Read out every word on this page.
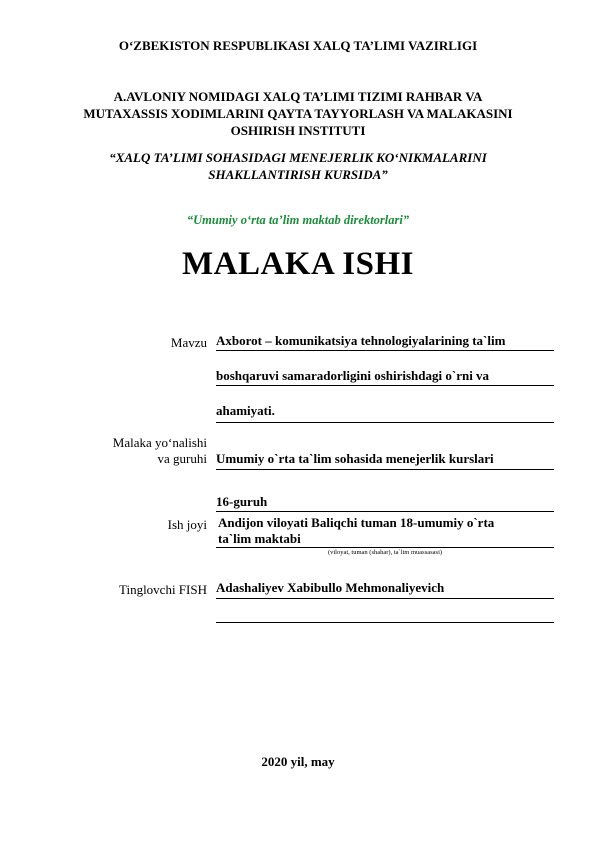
O‘ZBEKISTON RESPUBLIKASI XALQ TA’LIMI VAZIRLIGI
A.AVLONIY NOMIDAGI XALQ TA’LIMI TIZIMI RAHBAR VA
MUTAXASSIS XODIMLARINI QAYTA TAYYORLASH VA MALAKASINI
OSHIRISH INSTITUTI
“XALQ TA’LIMI SOHASIDAGI MENEJERLIK KO‘NIKMALARINI
SHAKLLANTIRISH KURSIDA”
“Umumiy o‘rta ta’lim maktab direktorlari”
MALAKA ISHI
Mavzu Axborot – komunikatsiya tehnologiyalarining ta`lim
boshqaruvi samaradorligini oshirishdagi o`rni va
ahamiyati.
Malaka yo‘nalishi
va guruhi Umumiy o`rta ta`lim sohasida menejerlik kurslari
16-guruh
Ish joyi Andijon viloyati Baliqchi tuman 18-umumiy o`rta
ta`lim maktabi
(viloyat, tuman (shahar), ta`lim muassasasi)
Tinglovchi FISH Adashaliyev Xabibullo Mehmonaliyevich
2020 yil, may
